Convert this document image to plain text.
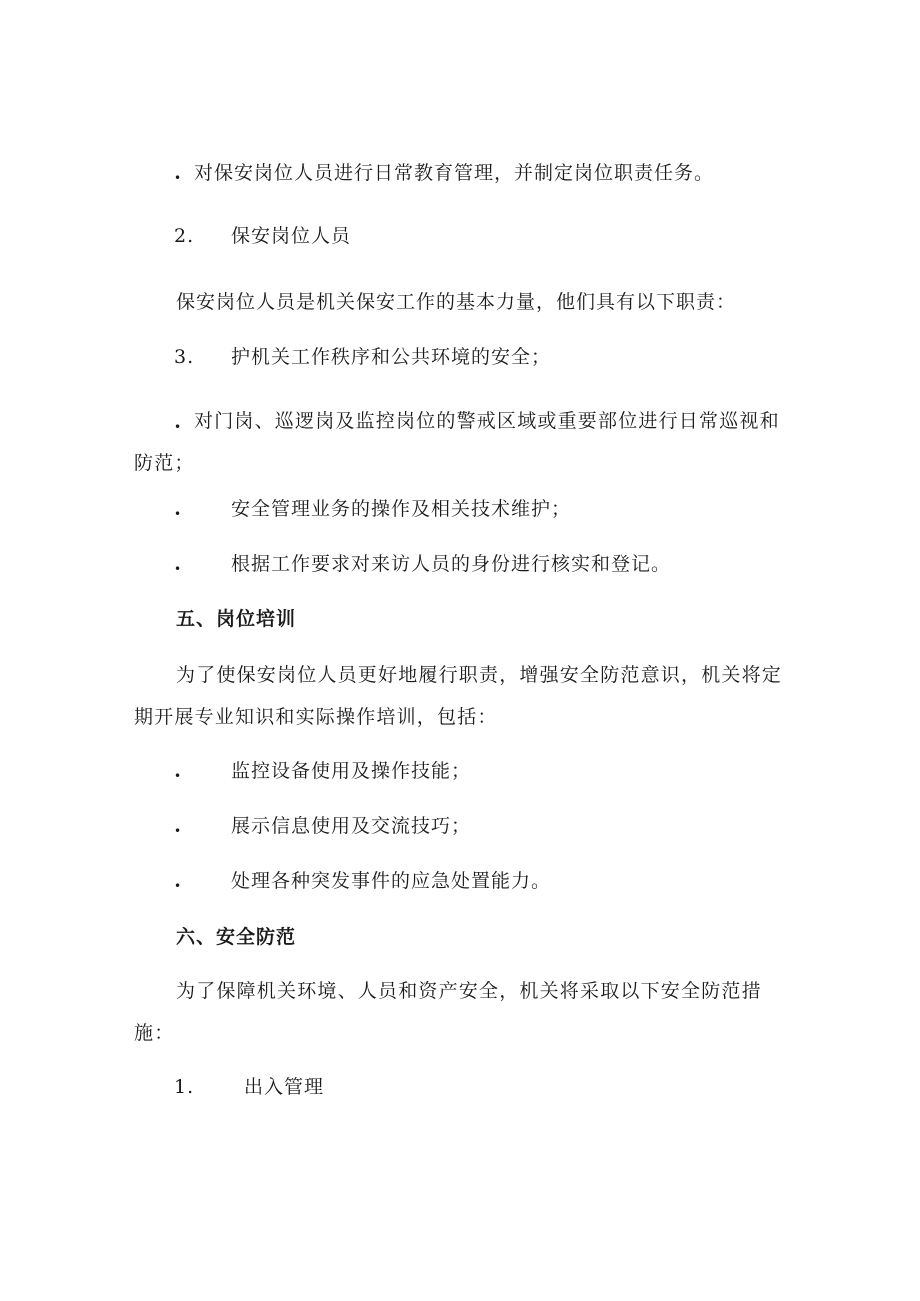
• 对保安岗位人员进行日常教育管理，并制定岗位职责任务。
2. 保安岗位人员
保安岗位人员是机关保安工作的基本力量，他们具有以下职责：
3. 护机关工作秩序和公共环境的安全；
• 对门岗、巡逻岗及监控岗位的警戒区域或重要部位进行日常巡视和防范；
•	安全管理业务的操作及相关技术维护；
•	根据工作要求对来访人员的身份进行核实和登记。
五、岗位培训
为了使保安岗位人员更好地履行职责，增强安全防范意识，机关将定期开展专业知识和实际操作培训，包括：
•	监控设备使用及操作技能；
•	展示信息使用及交流技巧；
•	处理各种突发事件的应急处置能力。
六、安全防范
为了保障机关环境、人员和资产安全，机关将采取以下安全防范措施：
1.	出入管理
